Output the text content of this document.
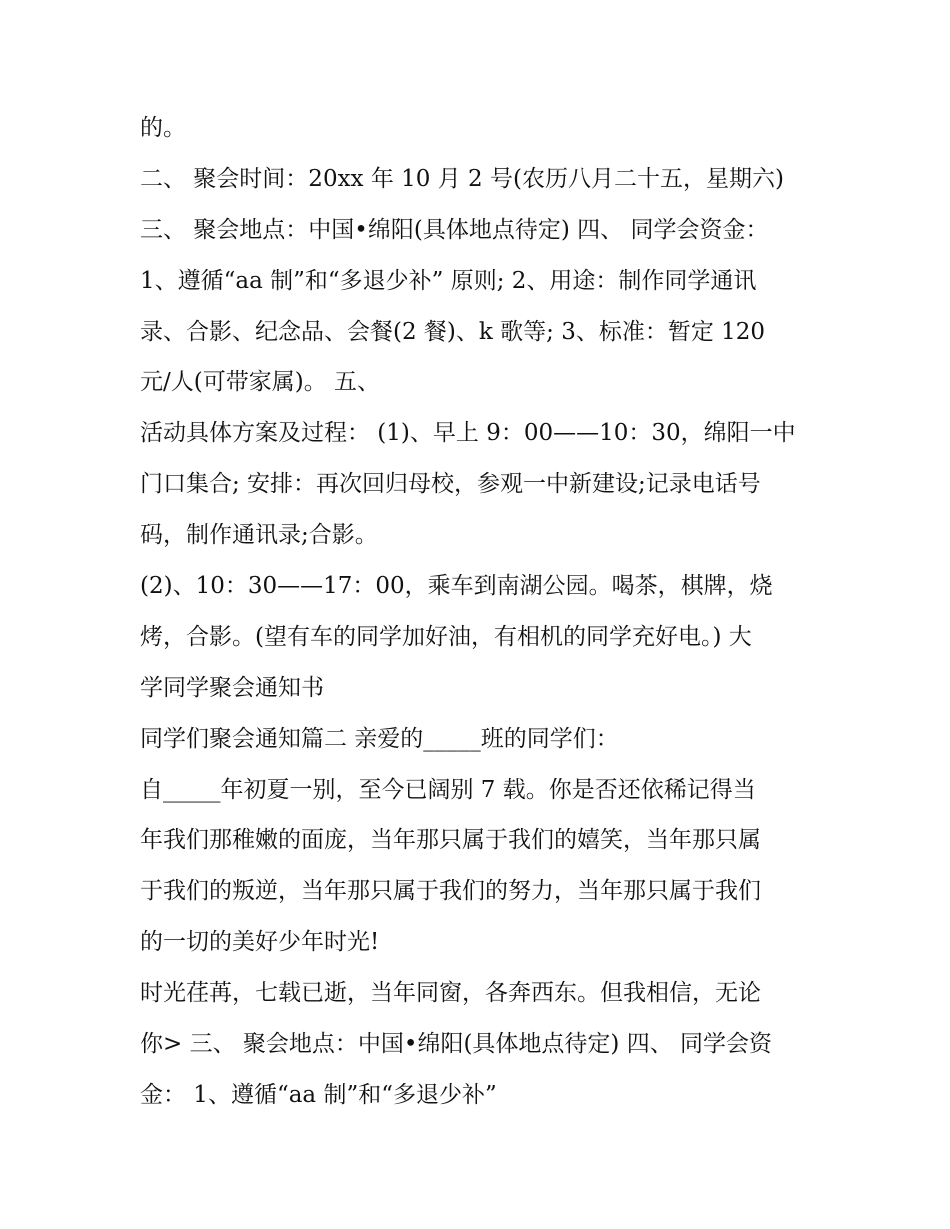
的。
二、 聚会时间：20xx 年 10 月 2 号(农历八月二十五，星期六)
三、 聚会地点：中国•绵阳(具体地点待定) 四、 同学会资金：
1、遵循“aa 制”和“多退少补” 原则; 2、用途：制作同学通讯
录、合影、纪念品、会餐(2 餐)、k 歌等; 3、标准：暂定 120
元/人(可带家属)。 五、
活动具体方案及过程： (1)、早上 9：00——10：30，绵阳一中
门口集合; 安排：再次回归母校，参观一中新建设;记录电话号
码，制作通讯录;合影。
(2)、10：30——17：00，乘车到南湖公园。喝茶，棋牌，烧
烤，合影。(望有车的同学加好油，有相机的同学充好电。) 大
学同学聚会通知书
同学们聚会通知篇二 亲爱的_____班的同学们：
自_____年初夏一别，至今已阔别 7 载。你是否还依稀记得当
年我们那稚嫩的面庞，当年那只属于我们的嬉笑，当年那只属
于我们的叛逆，当年那只属于我们的努力，当年那只属于我们
的一切的美好少年时光!
时光荏苒，七载已逝，当年同窗，各奔西东。但我相信，无论
你> 三、 聚会地点：中国•绵阳(具体地点待定) 四、 同学会资
金： 1、遵循“aa 制”和“多退少补”
